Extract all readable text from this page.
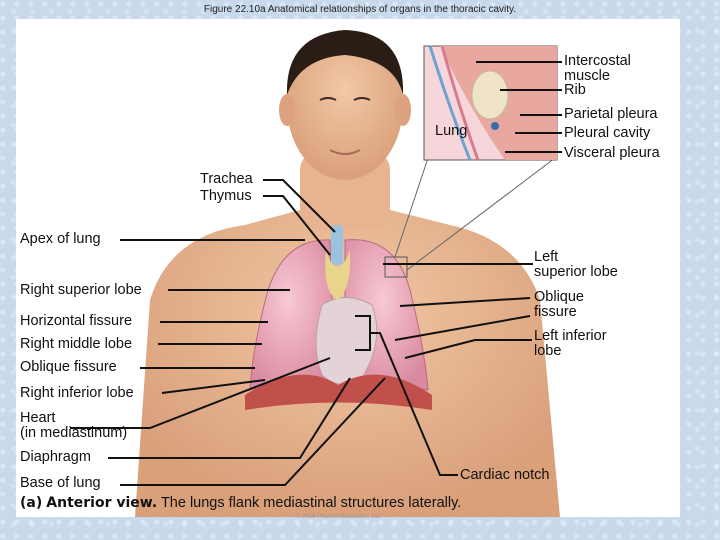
Figure 22.10a Anatomical relationships of organs in the thoracic cavity.
Intercostal
muscle
Rib
Parietal pleura
Pleural cavity
Visceral pleura
Lung
Trachea
Thymus
Apex of lung
Right superior lobe
Horizontal fissure
Right middle lobe
Oblique fissure
Right inferior lobe
Heart
(in mediastinum)
Diaphragm
Base of lung
Left
superior lobe
Oblique
fissure
Left inferior
lobe
Cardiac notch
(a) Anterior view. The lungs flank mediastinal structures laterally.
© 2016 Pearson Education, Inc.
